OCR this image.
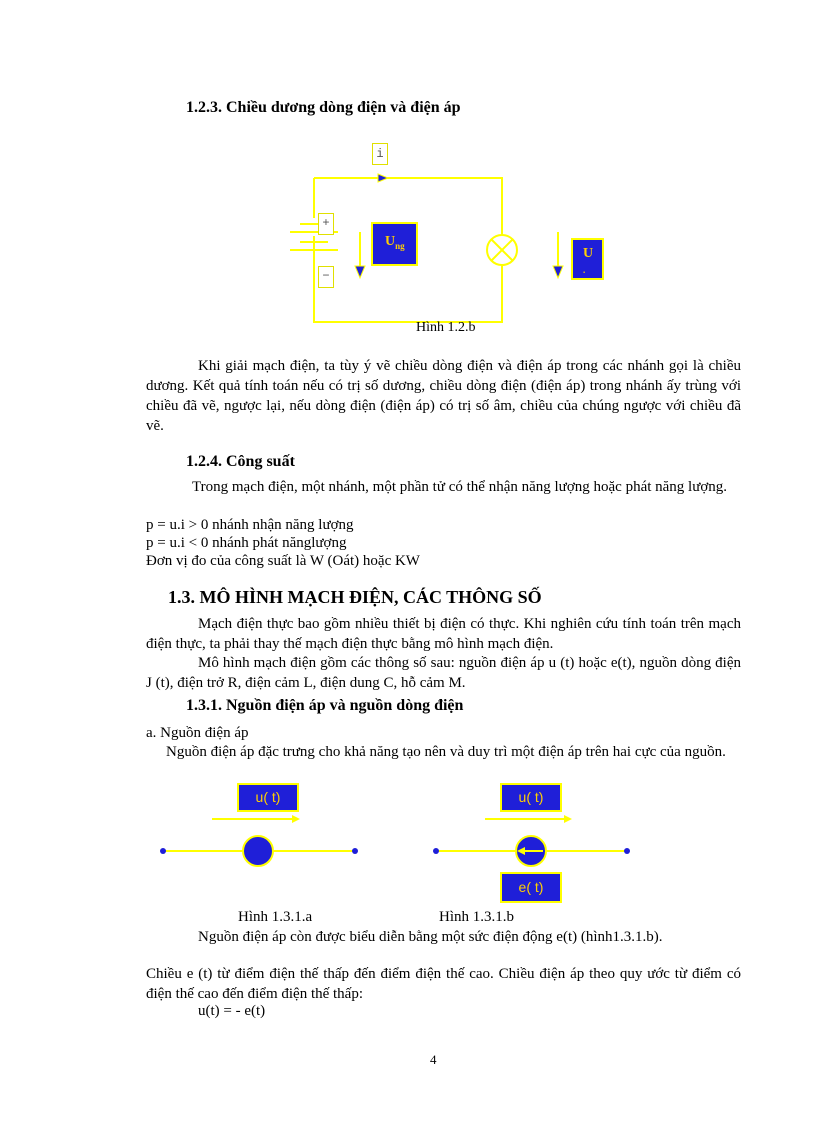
1.2.3. Chiều dương dòng điện và điện áp
i
+
−
$U_{ng}$
U
.
Hình 1.2.b
Khi giải mạch điện, ta tùy ý vẽ chiều dòng điện và điện áp trong các nhánh gọi là chiều dương. Kết quả tính toán nếu có trị số dương, chiều dòng điện (điện áp) trong nhánh ấy trùng với chiều đã vẽ, ngược lại, nếu dòng điện (điện áp) có trị số âm, chiều của chúng ngược với chiều đã vẽ.
1.2.4. Công suất
Trong mạch điện, một nhánh, một phần tử có thể nhận năng lượng hoặc phát năng lượng.
p = u.i > 0 nhánh nhận năng lượng
p = u.i < 0 nhánh phát nănglượng
Đơn vị đo của công suất là W (Oát) hoặc KW
1.3. MÔ HÌNH MẠCH ĐIỆN, CÁC THÔNG SỐ
Mạch điện thực bao gồm nhiều thiết bị điện có thực. Khi nghiên cứu tính toán trên mạch điện thực, ta phải thay thế mạch điện thực bằng mô hình mạch điện.
Mô hình mạch điện gồm các thông số sau: nguồn điện áp u (t) hoặc e(t), nguồn dòng điện J (t), điện trở R, điện cảm L, điện dung C, hỗ cảm M.
1.3.1. Nguồn điện áp và nguồn dòng điện
a. Nguồn điện áp
Nguồn điện áp đặc trưng cho khả năng tạo nên và duy trì một điện áp trên hai cực của nguồn.
u( t)	u( t)
e( t)
Hình 1.3.1.a	Hình 1.3.1.b
Nguồn điện áp còn được biểu diễn bằng một sức điện động e(t) (hình1.3.1.b).
Chiều e (t) từ điểm điện thế thấp đến điểm điện thế cao. Chiều điện áp theo quy ước từ điểm có điện thế cao đến điểm điện thế thấp:
u(t) = - e(t)
4
